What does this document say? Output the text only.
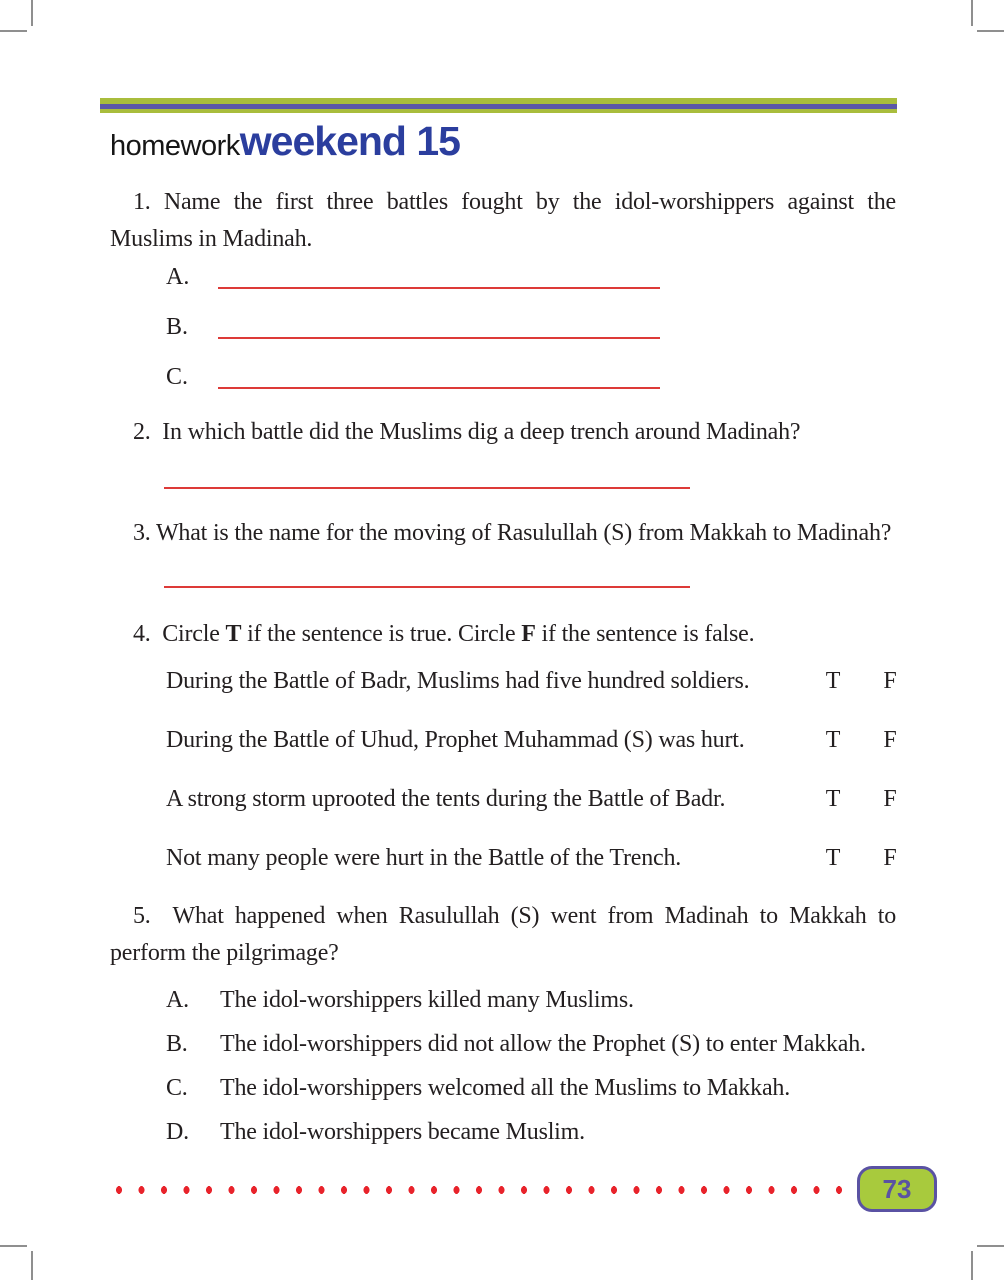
homework weekend 15

1. Name the first three battles fought by the idol-worshippers against the Muslims in Madinah.

A.
B.
C.

2.  In which battle did the Muslims dig a deep trench around Madinah?

3. What is the name for the moving of Rasulullah (S) from Makkah to Madinah?

4.  Circle T if the sentence is true. Circle F if the sentence is false.

During the Battle of Badr, Muslims had five hundred soldiers.	T F
During the Battle of Uhud, Prophet Muhammad (S) was hurt.	T F
A strong storm uprooted the tents during the Battle of Badr.	T F
Not many people were hurt in the Battle of the Trench.	T F

5.  What happened when Rasulullah (S) went from Madinah to Makkah to perform the pilgrimage?

A. The idol-worshippers killed many Muslims.
B. The idol-worshippers did not allow the Prophet (S) to enter Makkah.
C. The idol-worshippers welcomed all the Muslims to Makkah.
D. The idol-worshippers became Muslim.
73
